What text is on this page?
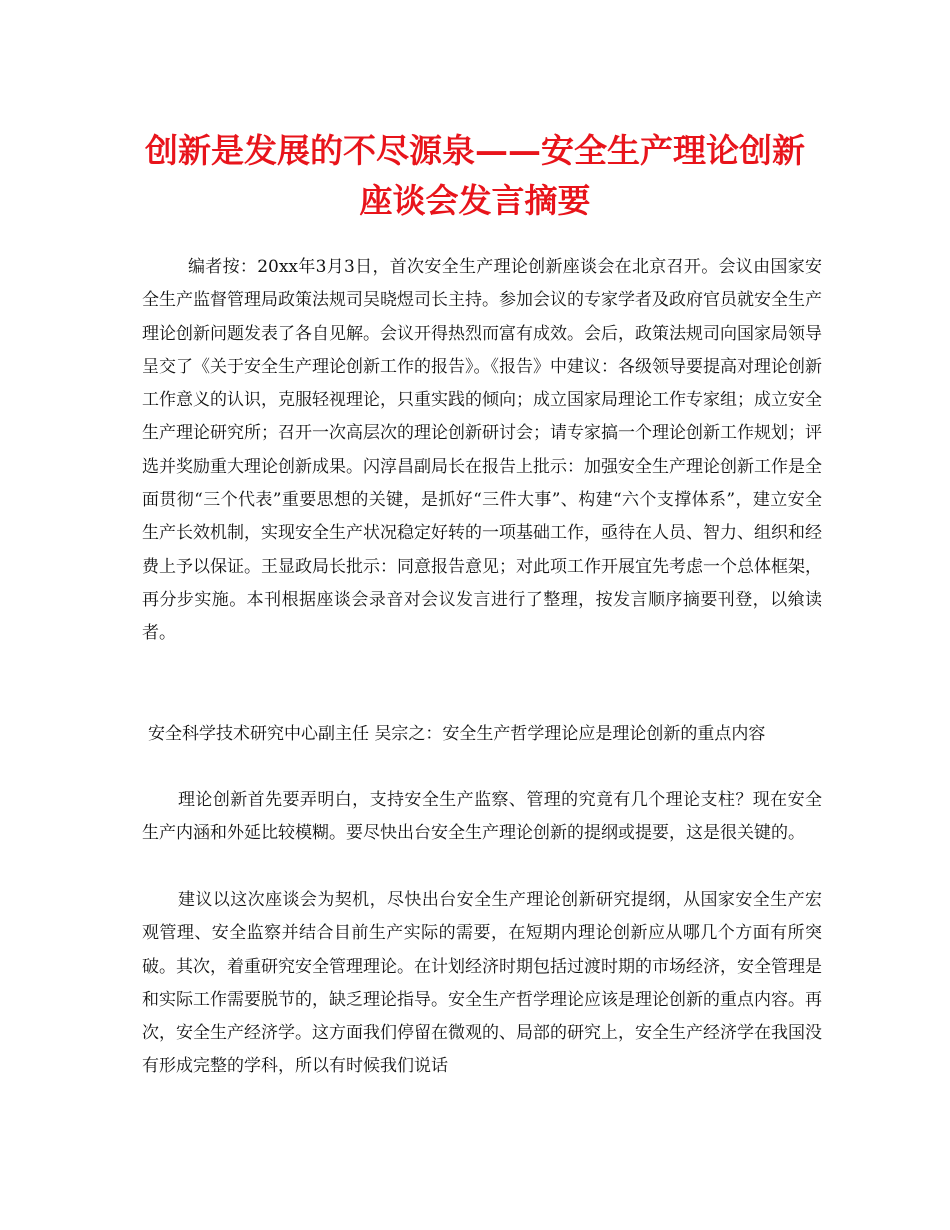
创新是发展的不尽源泉——安全生产理论创新座谈会发言摘要

编者按：20xx年3月3日，首次安全生产理论创新座谈会在北京召开。会议由国家安全生产监督管理局政策法规司吴晓煜司长主持。参加会议的专家学者及政府官员就安全生产理论创新问题发表了各自见解。会议开得热烈而富有成效。会后，政策法规司向国家局领导呈交了《关于安全生产理论创新工作的报告》。《报告》中建议：各级领导要提高对理论创新工作意义的认识，克服轻视理论，只重实践的倾向；成立国家局理论工作专家组；成立安全生产理论研究所；召开一次高层次的理论创新研讨会；请专家搞一个理论创新工作规划；评选并奖励重大理论创新成果。闪淳昌副局长在报告上批示：加强安全生产理论创新工作是全面贯彻“三个代表”重要思想的关键，是抓好“三件大事”、构建“六个支撑体系”，建立安全生产长效机制，实现安全生产状况稳定好转的一项基础工作，亟待在人员、智力、组织和经费上予以保证。王显政局长批示：同意报告意见；对此项工作开展宜先考虑一个总体框架，再分步实施。本刊根据座谈会录音对会议发言进行了整理，按发言顺序摘要刊登，以飨读者。

安全科学技术研究中心副主任 吴宗之：安全生产哲学理论应是理论创新的重点内容

理论创新首先要弄明白，支持安全生产监察、管理的究竟有几个理论支柱？现在安全生产内涵和外延比较模糊。要尽快出台安全生产理论创新的提纲或提要，这是很关键的。

建议以这次座谈会为契机，尽快出台安全生产理论创新研究提纲，从国家安全生产宏观管理、安全监察并结合目前生产实际的需要，在短期内理论创新应从哪几个方面有所突破。其次，着重研究安全管理理论。在计划经济时期包括过渡时期的市场经济，安全管理是和实际工作需要脱节的，缺乏理论指导。安全生产哲学理论应该是理论创新的重点内容。再次，安全生产经济学。这方面我们停留在微观的、局部的研究上，安全生产经济学在我国没有形成完整的学科，所以有时候我们说话
